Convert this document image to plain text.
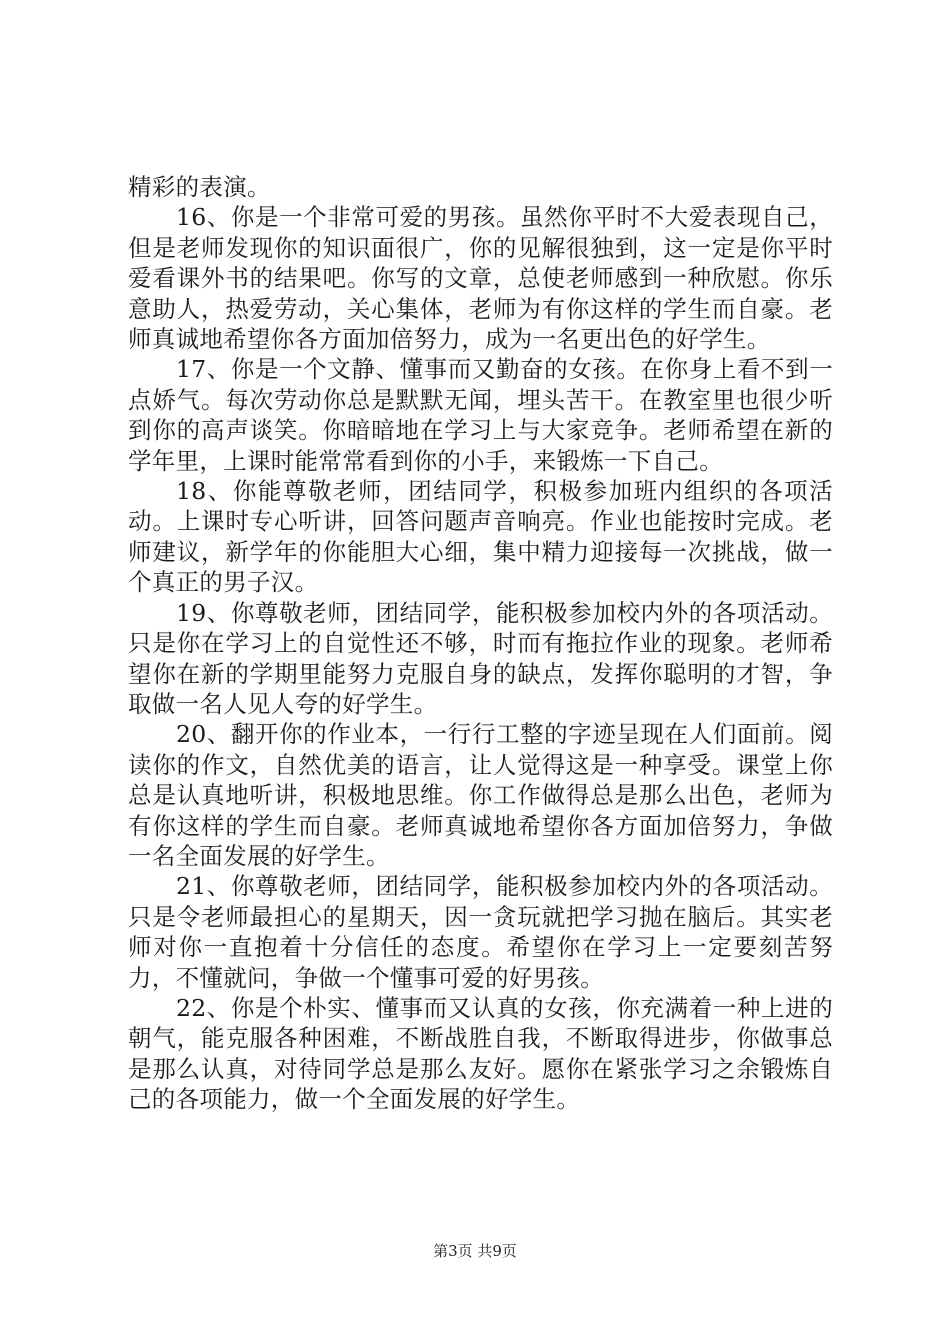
精彩的表演。

16、你是一个非常可爱的男孩。虽然你平时不大爱表现自己，但是老师发现你的知识面很广，你的见解很独到，这一定是你平时爱看课外书的结果吧。你写的文章，总使老师感到一种欣慰。你乐意助人，热爱劳动，关心集体，老师为有你这样的学生而自豪。老师真诚地希望你各方面加倍努力，成为一名更出色的好学生。

17、你是一个文静、懂事而又勤奋的女孩。在你身上看不到一点娇气。每次劳动你总是默默无闻，埋头苦干。在教室里也很少听到你的高声谈笑。你暗暗地在学习上与大家竞争。老师希望在新的学年里，上课时能常常看到你的小手，来锻炼一下自己。

18、你能尊敬老师，团结同学，积极参加班内组织的各项活动。上课时专心听讲，回答问题声音响亮。作业也能按时完成。老师建议，新学年的你能胆大心细，集中精力迎接每一次挑战，做一个真正的男子汉。

19、你尊敬老师，团结同学，能积极参加校内外的各项活动。只是你在学习上的自觉性还不够，时而有拖拉作业的现象。老师希望你在新的学期里能努力克服自身的缺点，发挥你聪明的才智，争取做一名人见人夸的好学生。

20、翻开你的作业本，一行行工整的字迹呈现在人们面前。阅读你的作文，自然优美的语言，让人觉得这是一种享受。课堂上你总是认真地听讲，积极地思维。你工作做得总是那么出色，老师为有你这样的学生而自豪。老师真诚地希望你各方面加倍努力，争做一名全面发展的好学生。

21、你尊敬老师，团结同学，能积极参加校内外的各项活动。只是令老师最担心的星期天，因一贪玩就把学习抛在脑后。其实老师对你一直抱着十分信任的态度。希望你在学习上一定要刻苦努力，不懂就问，争做一个懂事可爱的好男孩。

22、你是个朴实、懂事而又认真的女孩，你充满着一种上进的朝气，能克服各种困难，不断战胜自我，不断取得进步，你做事总是那么认真，对待同学总是那么友好。愿你在紧张学习之余锻炼自己的各项能力，做一个全面发展的好学生。

第3页 共9页
